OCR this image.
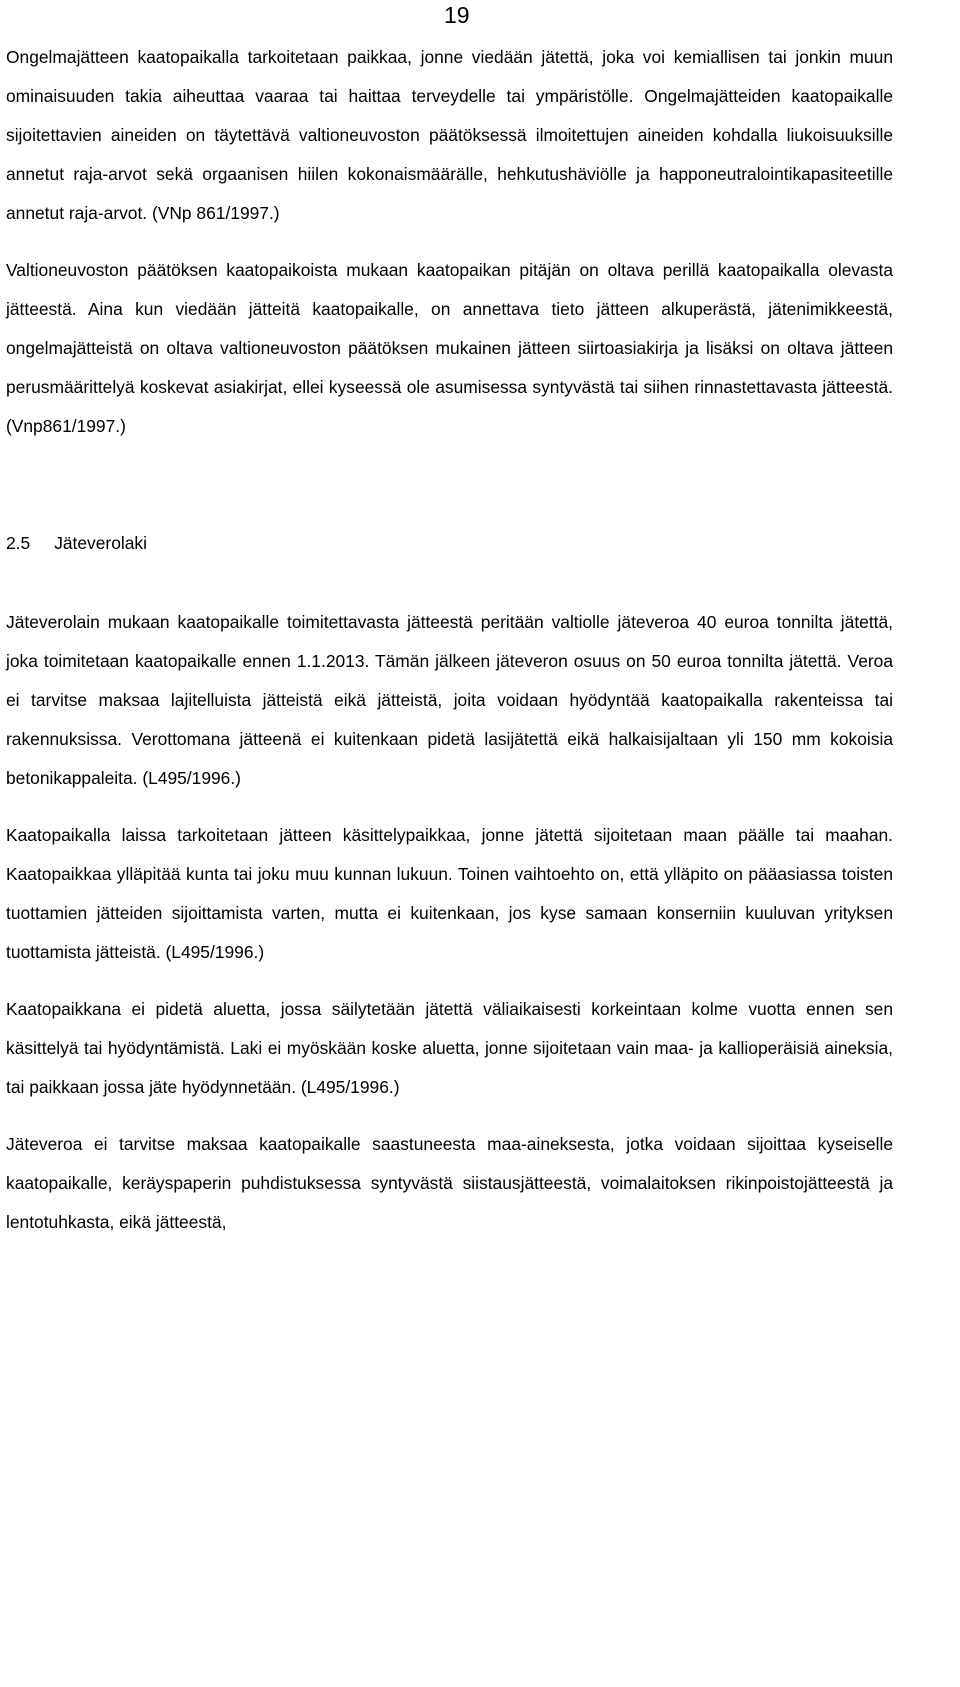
19

Ongelmajätteen kaatopaikalla tarkoitetaan paikkaa, jonne viedään jätettä, joka voi kemiallisen tai jonkin muun ominaisuuden takia aiheuttaa vaaraa tai haittaa terveydelle tai ympäristölle. Ongelmajätteiden kaatopaikalle sijoitettavien aineiden on täytettävä valtioneuvoston päätöksessä ilmoitettujen aineiden kohdalla liukoisuuksille annetut raja-arvot sekä orgaanisen hiilen kokonaismäärälle, hehkutushäviölle ja happoneutralointikapasiteetille annetut raja-arvot. (VNp 861/1997.)

Valtioneuvoston päätöksen kaatopaikoista mukaan kaatopaikan pitäjän on oltava perillä kaatopaikalla olevasta jätteestä. Aina kun viedään jätteitä kaatopaikalle, on annettava tieto jätteen alkuperästä, jätenimikkeestä, ongelmajätteistä on oltava valtioneuvoston päätöksen mukainen jätteen siirtoasiakirja ja lisäksi on oltava jätteen perusmäärittelyä koskevat asiakirjat, ellei kyseessä ole asumisessa syntyvästä tai siihen rinnastettavasta jätteestä. (Vnp861/1997.)

2.5 Jäteverolaki

Jäteverolain mukaan kaatopaikalle toimitettavasta jätteestä peritään valtiolle jäteveroa 40 euroa tonnilta jätettä, joka toimitetaan kaatopaikalle ennen 1.1.2013. Tämän jälkeen jäteveron osuus on 50 euroa tonnilta jätettä. Veroa ei tarvitse maksaa lajitelluista jätteistä eikä jätteistä, joita voidaan hyödyntää kaatopaikalla rakenteissa tai rakennuksissa. Verottomana jätteenä ei kuitenkaan pidetä lasijätettä eikä halkaisijaltaan yli 150 mm kokoisia betonikappaleita. (L495/1996.)

Kaatopaikalla laissa tarkoitetaan jätteen käsittelypaikkaa, jonne jätettä sijoitetaan maan päälle tai maahan. Kaatopaikkaa ylläpitää kunta tai joku muu kunnan lukuun. Toinen vaihtoehto on, että ylläpito on pääasiassa toisten tuottamien jätteiden sijoittamista varten, mutta ei kuitenkaan, jos kyse samaan konserniin kuuluvan yrityksen tuottamista jätteistä. (L495/1996.)

Kaatopaikkana ei pidetä aluetta, jossa säilytetään jätettä väliaikaisesti korkeintaan kolme vuotta ennen sen käsittelyä tai hyödyntämistä. Laki ei myöskään koske aluetta, jonne sijoitetaan vain maa- ja kallioperäisiä aineksia, tai paikkaan jossa jäte hyödynnetään. (L495/1996.)

Jäteveroa ei tarvitse maksaa kaatopaikalle saastuneesta maa-aineksesta, jotka voidaan sijoittaa kyseiselle kaatopaikalle, keräyspaperin puhdistuksessa syntyvästä siistausjätteestä, voimalaitoksen rikinpoistojätteestä ja lentotuhkasta, eikä jätteestä,
